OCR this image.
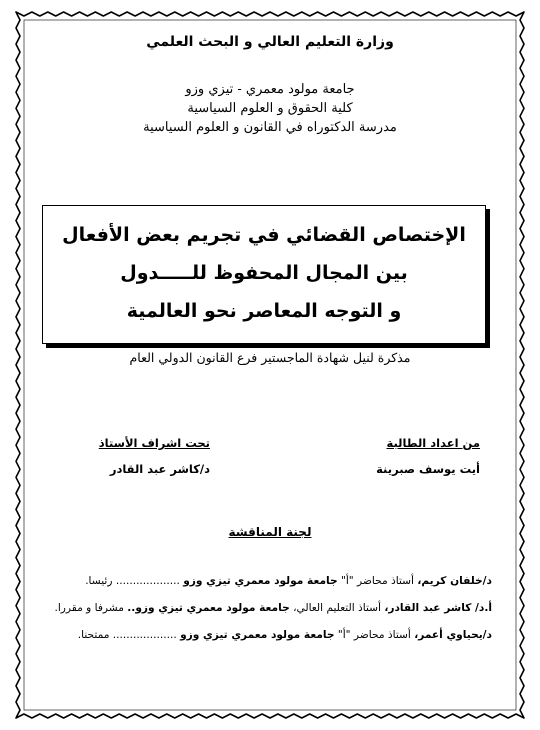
وزارة التعليم العالي و البحث العلمي
جامعة مولود معمري - تيزي وزو
كلية الحقوق و العلوم السياسية
مدرسة الدكتوراه في القانون و العلوم السياسية
الإختصاص القضائي في تجريم بعض الأفعال
بين المجال المحفوظ للـــــدول
و التوجه المعاصر نحو العالمية
مذكرة لنيل شهادة الماجستير فرع القانون الدولي العام
من اعداد الطالبة
أيت يوسف صبرينة
تحت اشراف الأستاذ
د/كاشر عبد القادر
لجنة المناقشة
د/خلفان كريم، أستاذ محاضر "أ" جامعة مولود معمري تيزي وزو ................... رئيسا.
أ.د/ كاشر عبد القادر، أستاذ التعليم العالي، جامعة مولود معمري تيزي وزو.. مشرفا و مقررا.
د/يحياوي أعمر، أستاذ محاضر "أ" جامعة مولود معمري تيزي وزو ................... ممتحنا.
